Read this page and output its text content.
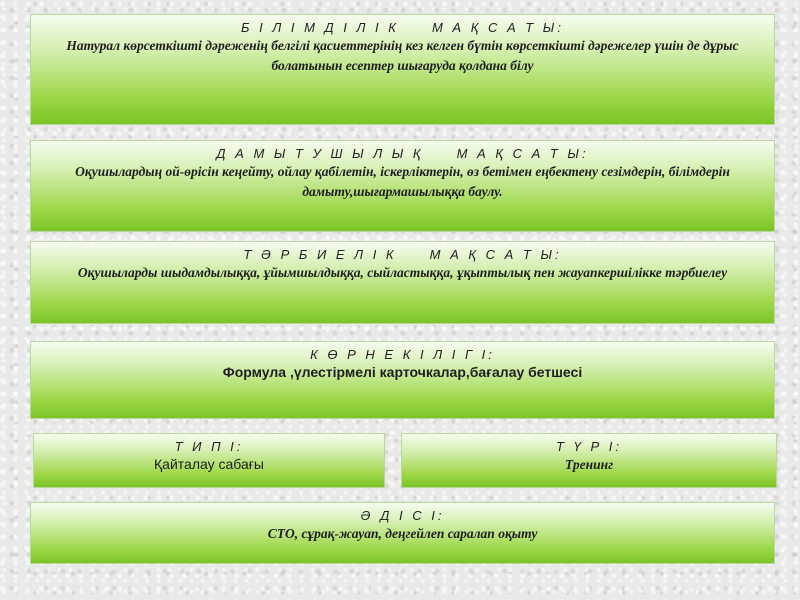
Б І Л І М Д І Л І К     М А Қ С А Т Ы:
Натурал көрсеткішті дәреженің белгілі қасиеттерінің кез келген бүтін көрсеткішті дәрежелер үшін де дұрыс болатынын есептер шығаруда қолдана білу
Д А М Ы Т У Ш Ы Л Ы Қ     М А Қ С А Т Ы:
Оқушылардың ой-өрісін кеңейту, ойлау қабілетін, іскерліктерін, өз бетімен еңбектену сезімдерін, білімдерін дамыту,шығармашылыққа баулу.
Т Ә Р Б И Е Л І К     М А Қ С А Т Ы:
Оқушыларды шыдамдылыққа, ұйымшылдыққа, сыйластыққа, ұқыптылық пен жауапкершілікке тәрбиелеу
К Ө Р Н Е К І Л І Г І:
Формула ,үлестірмелі карточкалар,бағалау бетшесі
Т И П І:
Қайталау сабағы
Т Ү Р І:
Тренинг
Ә Д І С І:
СТО, сұрақ-жауап, деңгейлеп саралап оқыту
